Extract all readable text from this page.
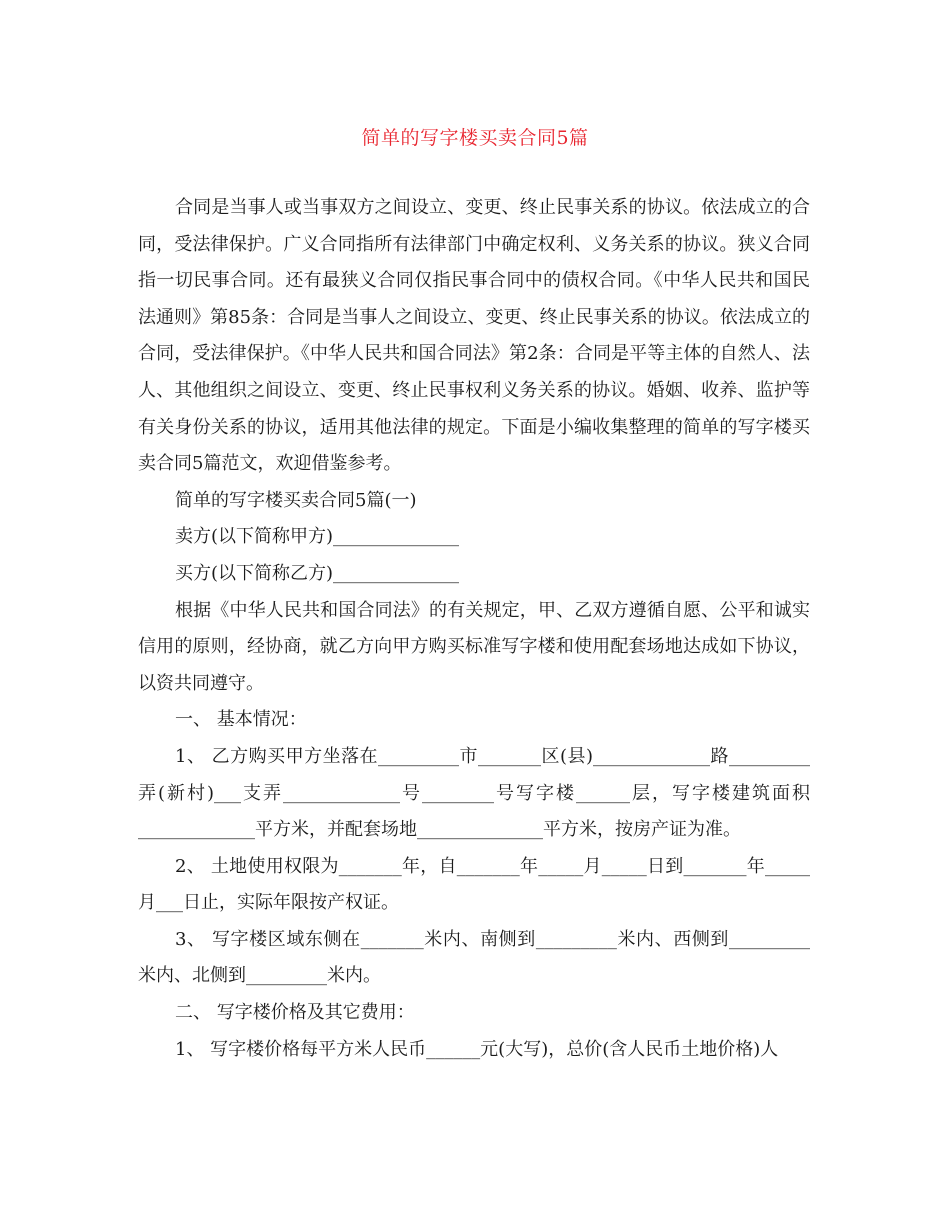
简单的写字楼买卖合同5篇

合同是当事人或当事双方之间设立、变更、终止民事关系的协议。依法成立的合同，受法律保护。广义合同指所有法律部门中确定权利、义务关系的协议。狭义合同指一切民事合同。还有最狭义合同仅指民事合同中的债权合同。《中华人民共和国民法通则》第85条：合同是当事人之间设立、变更、终止民事关系的协议。依法成立的合同，受法律保护。《中华人民共和国合同法》第2条：合同是平等主体的自然人、法人、其他组织之间设立、变更、终止民事权利义务关系的协议。婚姻、收养、监护等有关身份关系的协议，适用其他法律的规定。下面是小编收集整理的简单的写字楼买卖合同5篇范文，欢迎借鉴参考。

简单的写字楼买卖合同5篇(一)

卖方(以下简称甲方)______________

买方(以下简称乙方)______________

根据《中华人民共和国合同法》的有关规定，甲、乙双方遵循自愿、公平和诚实信用的原则，经协商，就乙方向甲方购买标准写字楼和使用配套场地达成如下协议，以资共同遵守。

一、 基本情况：

1、 乙方购买甲方坐落在_________市_______区(县)_____________路_________弄(新村)___支弄_____________号________号写字楼______层，写字楼建筑面积_____________平方米，并配套场地______________平方米，按房产证为准。

2、 土地使用权限为_______年，自_______年_____月_____日到_______年_____月___日止，实际年限按产权证。

3、 写字楼区域东侧在_______米内、南侧到_________米内、西侧到_________米内、北侧到_________米内。

二、 写字楼价格及其它费用：

1、 写字楼价格每平方米人民币______元(大写)，总价(含人民币土地价格)人
